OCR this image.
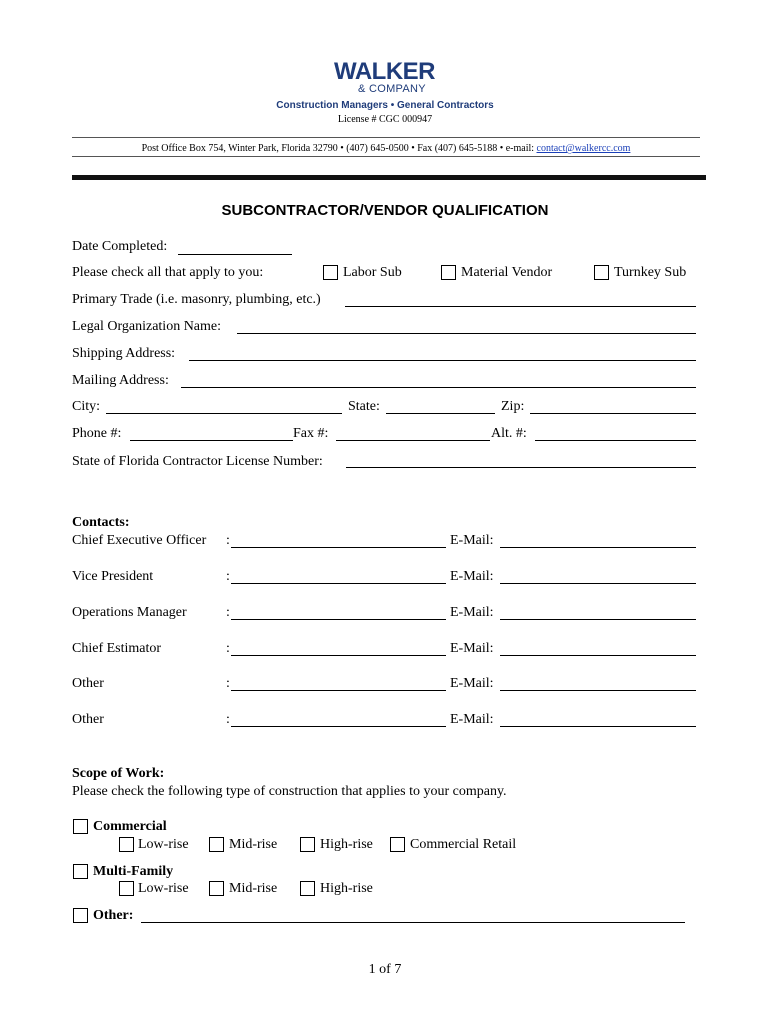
WALKER
& COMPANY
Construction Managers • General Contractors
License # CGC 000947
Post Office Box 754, Winter Park, Florida 32790 • (407) 645-0500 • Fax (407) 645-5188 • e-mail: contact@walkercc.com
SUBCONTRACTOR/VENDOR QUALIFICATION
Date Completed:
Please check all that apply to you:	Labor Sub	Material Vendor	Turnkey Sub
Primary Trade (i.e. masonry, plumbing, etc.)
Legal Organization Name:
Shipping Address:
Mailing Address:
City:	State:	Zip:
Phone #:	Fax #:	Alt. #:
State of Florida Contractor License Number:
Contacts:
Chief Executive Officer :	E-Mail:
Vice President	:	E-Mail:
Operations Manager	:	E-Mail:
Chief Estimator	:	E-Mail:
Other	:	E-Mail:
Other	:	E-Mail:
Scope of Work:
Please check the following type of construction that applies to your company.
Commercial
Low-rise	Mid-rise	High-rise	Commercial Retail
Multi-Family
Low-rise	Mid-rise	High-rise
Other:
1 of 7
